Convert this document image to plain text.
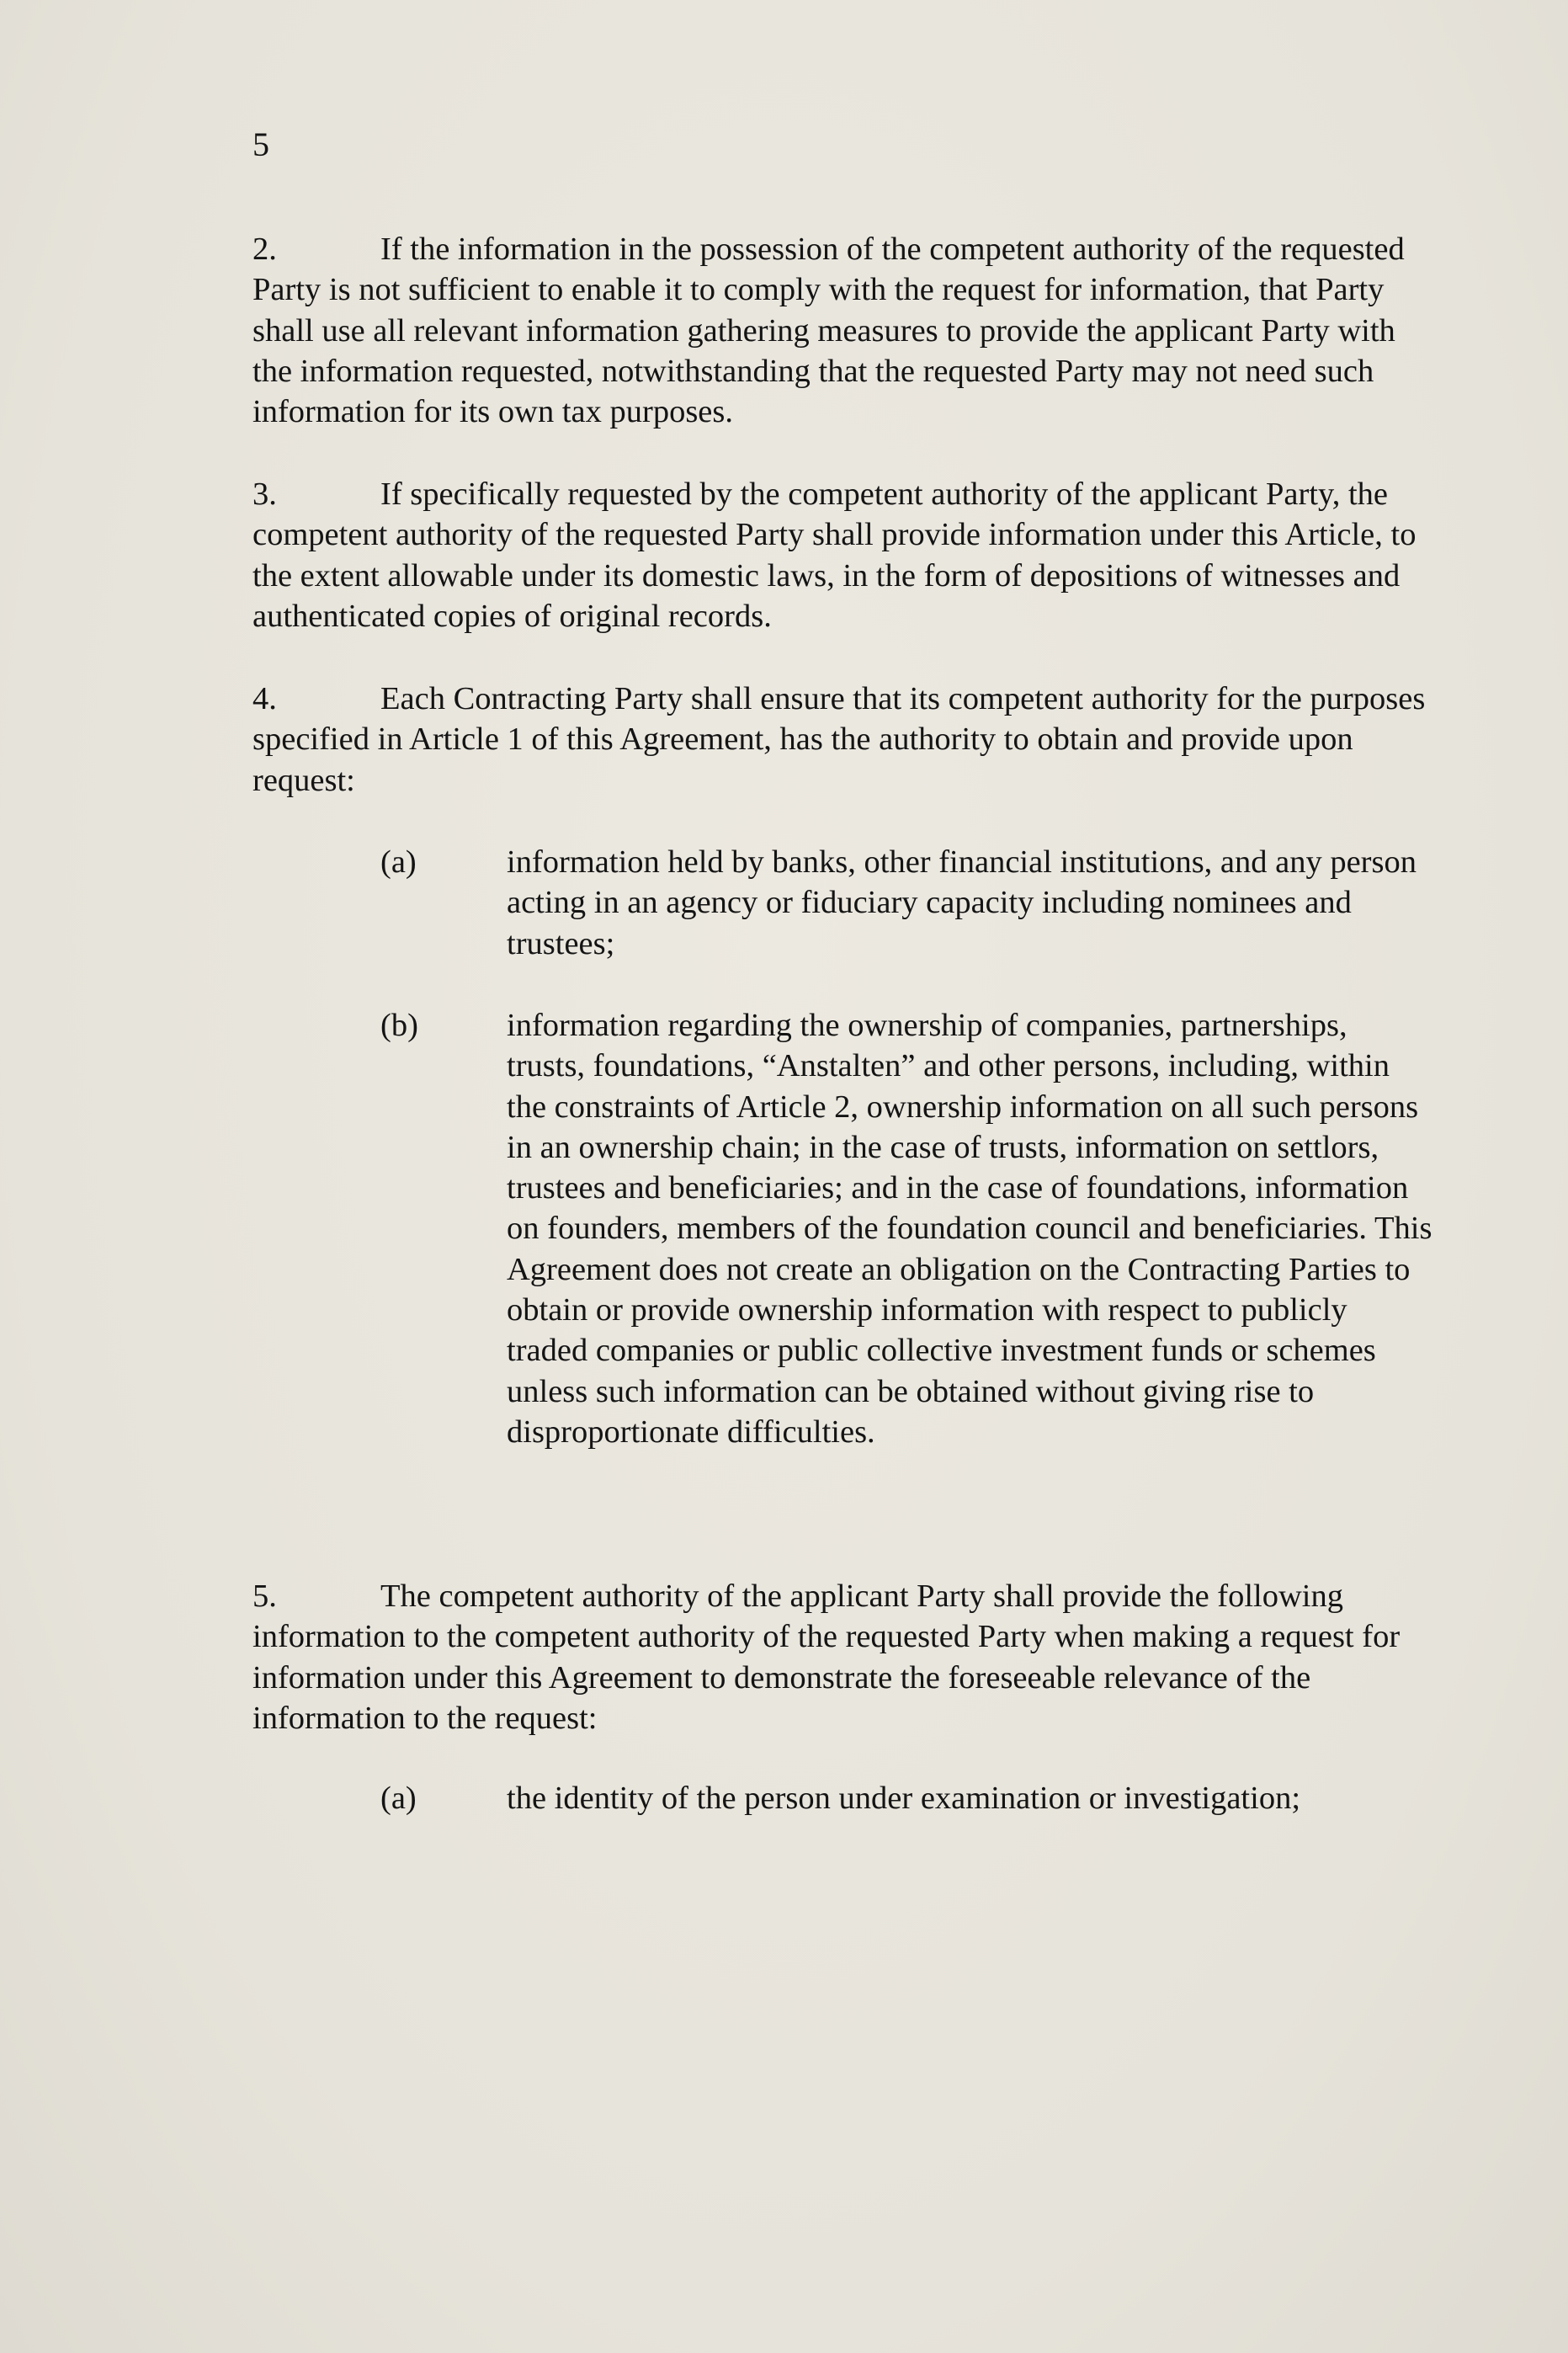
5

2.	If the information in the possession of the competent authority of the requested Party is not sufficient to enable it to comply with the request for information, that Party shall use all relevant information gathering measures to provide the applicant Party with the information requested, notwithstanding that the requested Party may not need such information for its own tax purposes.

3.	If specifically requested by the competent authority of the applicant Party, the competent authority of the requested Party shall provide information under this Article, to the extent allowable under its domestic laws, in the form of depositions of witnesses and authenticated copies of original records.

4.	Each Contracting Party shall ensure that its competent authority for the purposes specified in Article 1 of this Agreement, has the authority to obtain and provide upon request:

(a)	information held by banks, other financial institutions, and any person acting in an agency or fiduciary capacity including nominees and trustees;

(b)	information regarding the ownership of companies, partnerships, trusts, foundations, “Anstalten” and other persons, including, within the constraints of Article 2, ownership information on all such persons in an ownership chain; in the case of trusts, information on settlors, trustees and beneficiaries; and in the case of foundations, information on founders, members of the foundation council and beneficiaries. This Agreement does not create an obligation on the Contracting Parties to obtain or provide ownership information with respect to publicly traded companies or public collective investment funds or schemes unless such information can be obtained without giving rise to disproportionate difficulties.

5.	The competent authority of the applicant Party shall provide the following information to the competent authority of the requested Party when making a request for information under this Agreement to demonstrate the foreseeable relevance of the information to the request:

(a)	the identity of the person under examination or investigation;
